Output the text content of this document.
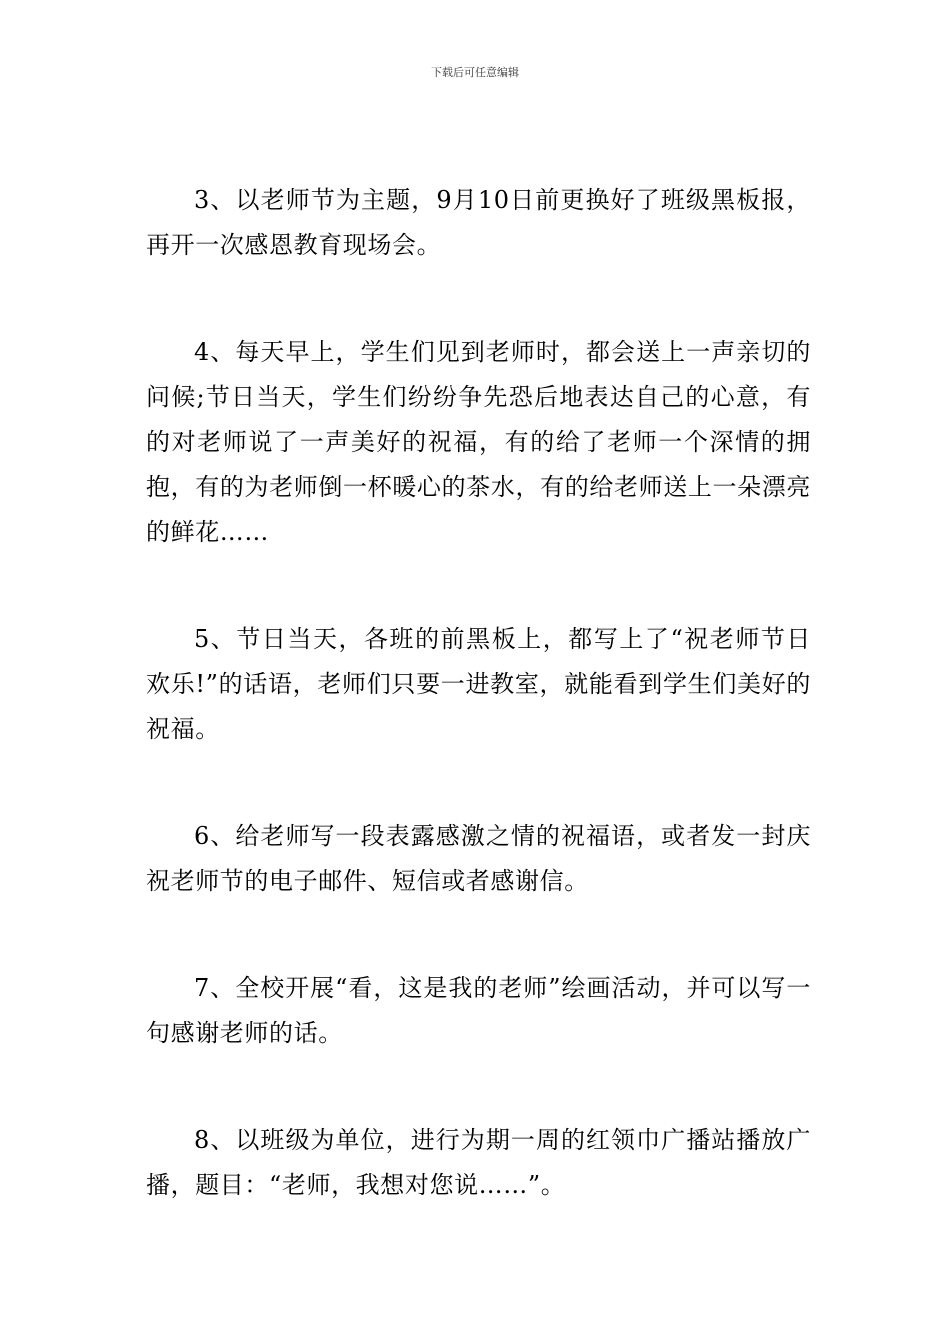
下载后可任意编辑

3、以老师节为主题，9月10日前更换好了班级黑板报，再开一次感恩教育现场会。

4、每天早上，学生们见到老师时，都会送上一声亲切的问候;节日当天，学生们纷纷争先恐后地表达自己的心意，有的对老师说了一声美好的祝福，有的给了老师一个深情的拥抱，有的为老师倒一杯暖心的茶水，有的给老师送上一朵漂亮的鲜花……

5、节日当天，各班的前黑板上，都写上了“祝老师节日欢乐!”的话语，老师们只要一进教室，就能看到学生们美好的祝福。

6、给老师写一段表露感激之情的祝福语，或者发一封庆祝老师节的电子邮件、短信或者感谢信。

7、全校开展“看，这是我的老师”绘画活动，并可以写一句感谢老师的话。

8、以班级为单位，进行为期一周的红领巾广播站播放广播，题目：“老师，我想对您说……”。
